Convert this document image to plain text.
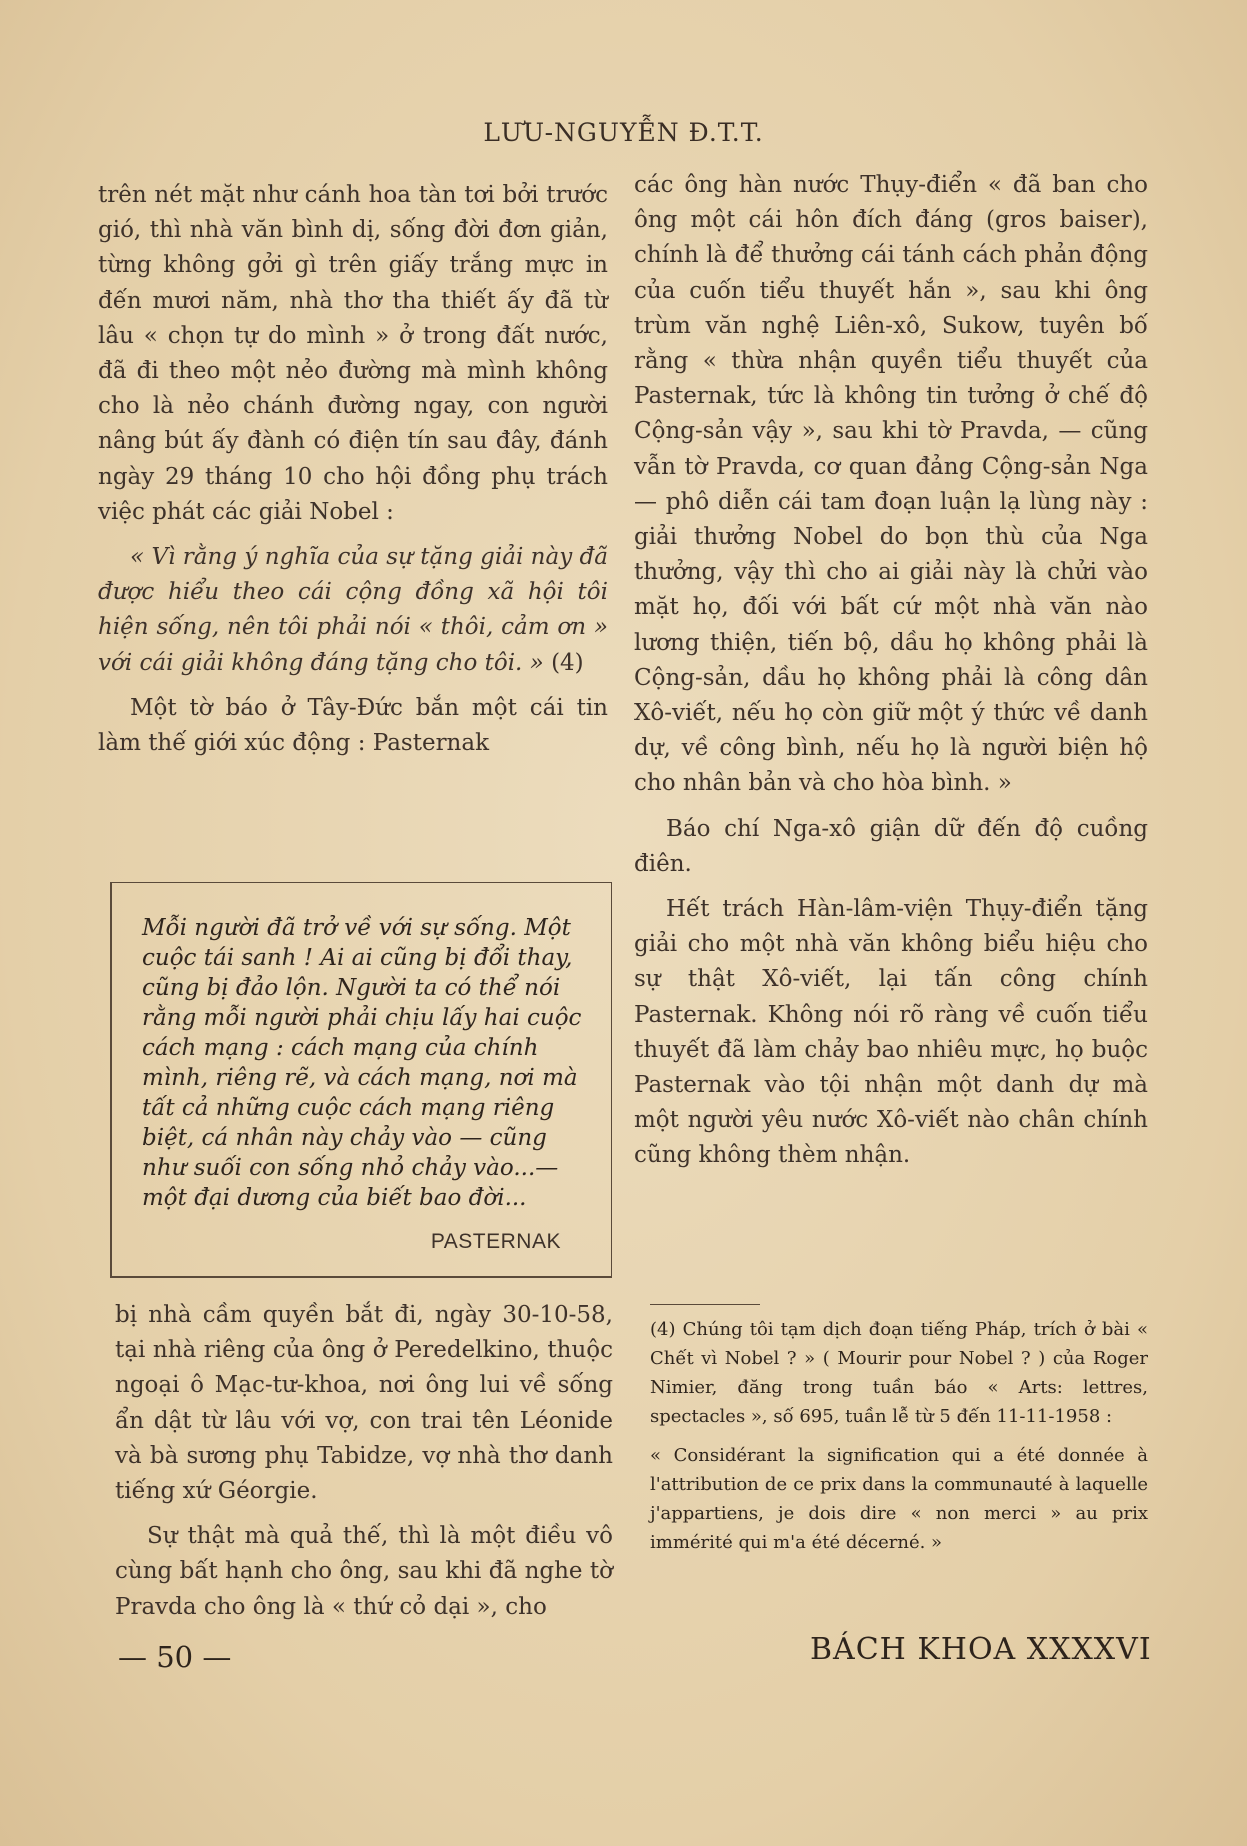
LƯU-NGUYỄN Đ.T.T.

trên nét mặt như cánh hoa tàn tơi bởi trước gió, thì nhà văn bình dị, sống đời đơn giản, từng không gởi gì trên giấy trắng mực in đến mươi năm, nhà thơ tha thiết ấy đã từ lâu « chọn tự do mình » ở trong đất nước, đã đi theo một nẻo đường mà mình không cho là nẻo chánh đường ngay, con người nâng bút ấy đành có điện tín sau đây, đánh ngày 29 tháng 10 cho hội đồng phụ trách việc phát các giải Nobel :

« Vì rằng ý nghĩa của sự tặng giải này đã được hiểu theo cái cộng đồng xã hội tôi hiện sống, nên tôi phải nói « thôi, cảm ơn » với cái giải không đáng tặng cho tôi. » (4)

Một tờ báo ở Tây-Đức bắn một cái tin làm thế giới xúc động : Pasternak

Mỗi người đã trở về với sự sống. Một cuộc tái sanh ! Ai ai cũng bị đổi thay, cũng bị đảo lộn. Người ta có thể nói rằng mỗi người phải chịu lấy hai cuộc cách mạng : cách mạng của chính mình, riêng rẽ, và cách mạng, nơi mà tất cả những cuộc cách mạng riêng biệt, cá nhân này chảy vào — cũng như suối con sống nhỏ chảy vào...— một đại dương của biết bao đời...
PASTERNAK

bị nhà cầm quyền bắt đi, ngày 30-10-58, tại nhà riêng của ông ở Peredelkino, thuộc ngoại ô Mạc-tư-khoa, nơi ông lui về sống ẩn dật từ lâu với vợ, con trai tên Léonide và bà sương phụ Tabidze, vợ nhà thơ danh tiếng xứ Géorgie.

Sự thật mà quả thế, thì là một điều vô cùng bất hạnh cho ông, sau khi đã nghe tờ Pravda cho ông là « thứ cỏ dại », cho

các ông hàn nước Thụy-điển « đã ban cho ông một cái hôn đích đáng (gros baiser), chính là để thưởng cái tánh cách phản động của cuốn tiểu thuyết hắn », sau khi ông trùm văn nghệ Liên-xô, Sukow, tuyên bố rằng « thừa nhận quyền tiểu thuyết của Pasternak, tức là không tin tưởng ở chế độ Cộng-sản vậy », sau khi tờ Pravda, — cũng vẫn tờ Pravda, cơ quan đảng Cộng-sản Nga — phô diễn cái tam đoạn luận lạ lùng này : giải thưởng Nobel do bọn thù của Nga thưởng, vậy thì cho ai giải này là chửi vào mặt họ, đối với bất cứ một nhà văn nào lương thiện, tiến bộ, dầu họ không phải là Cộng-sản, dầu họ không phải là công dân Xô-viết, nếu họ còn giữ một ý thức về danh dự, về công bình, nếu họ là người biện hộ cho nhân bản và cho hòa bình. »

Báo chí Nga-xô giận dữ đến độ cuồng điên.

Hết trách Hàn-lâm-viện Thụy-điển tặng giải cho một nhà văn không biểu hiệu cho sự thật Xô-viết, lại tấn công chính Pasternak. Không nói rõ ràng về cuốn tiểu thuyết đã làm chảy bao nhiêu mực, họ buộc Pasternak vào tội nhận một danh dự mà một người yêu nước Xô-viết nào chân chính cũng không thèm nhận.

(4) Chúng tôi tạm dịch đoạn tiếng Pháp, trích ở bài « Chết vì Nobel ? » ( Mourir pour Nobel ? ) của Roger Nimier, đăng trong tuần báo « Arts: lettres, spectacles », số 695, tuần lễ từ 5 đến 11-11-1958 :

« Considérant la signification qui a été donnée à l'attribution de ce prix dans la communauté à laquelle j'appartiens, je dois dire « non merci » au prix immérité qui m'a été décerné. »

— 50 —	BÁCH KHOA XXXXVI
